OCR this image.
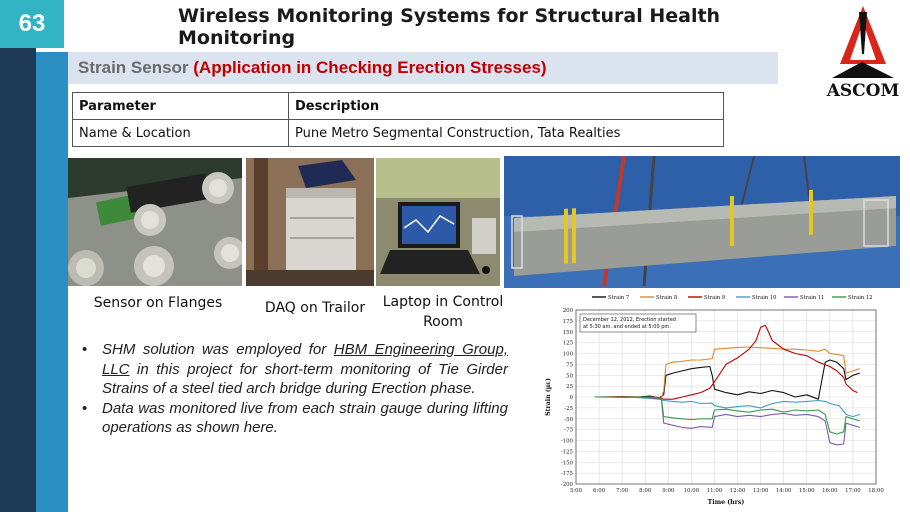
63	Wireless Monitoring Systems for Structural Health Monitoring
Strain Sensor (Application in Checking Erection Stresses)
ASCOM
Parameter	Description
Name & Location	Pune Metro Segmental Construction, Tata Realties
Sensor on Flanges	DAQ on Trailor	Laptop in Control Room
• SHM solution was employed for HBM Engineering Group, LLC in this project for short-term monitoring of Tie Girder Strains of a steel tied arch bridge during Erection phase.
• Data was monitored live from each strain gauge during lifting operations as shown here.
200
175
150
125
100
75
50
25
0
-25
-50
-75
-100
-125
-150
-175
-200
5:00 6:00 7:00 8:00 9:00 10:00 11:00 12:00 13:00 14:00 15:00 16:00 17:00 18:00
Time (hrs)
Strain (µε)
Strain 7	Strain 8	Strain 9	Strain 10	Strain 11	Strain 12
December 12, 2012, Erection started
at 5:30 am. and ended at 5:00 pm.
